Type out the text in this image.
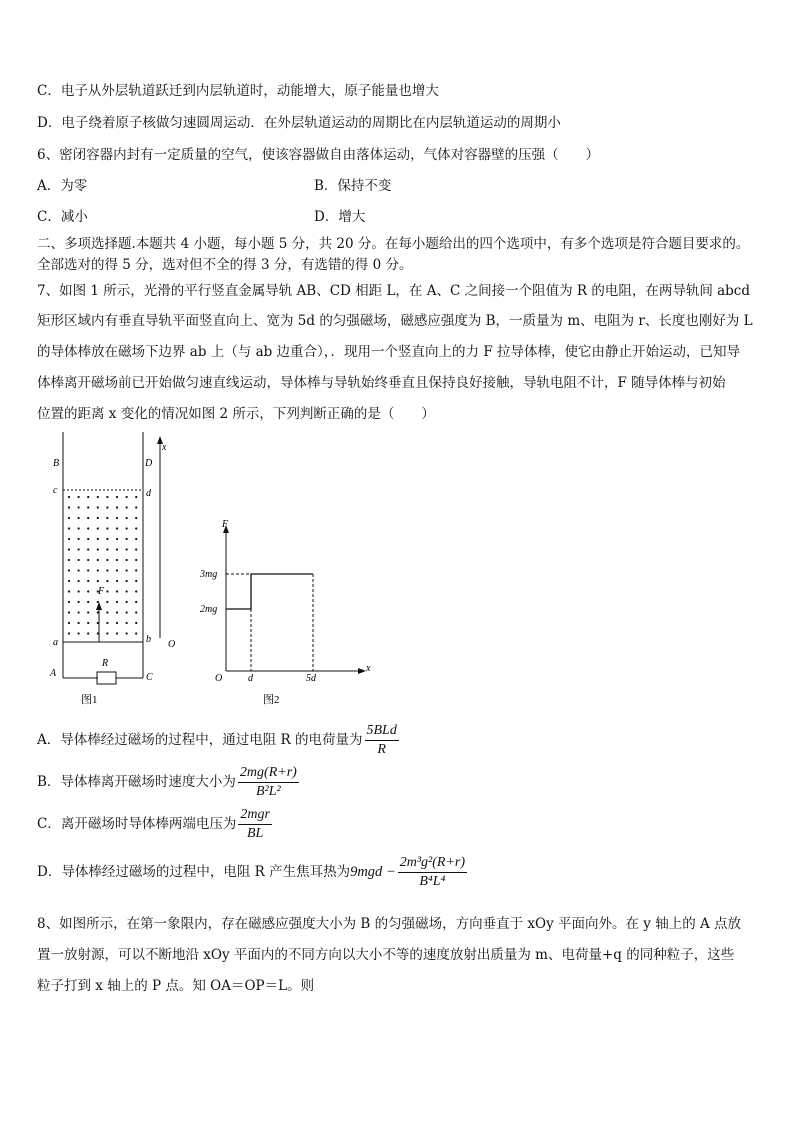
C．电子从外层轨道跃迁到内层轨道时，动能增大，原子能量也增大
D．电子绕着原子核做匀速圆周运动．在外层轨道运动的周期比在内层轨道运动的周期小
6、密闭容器内封有一定质量的空气，使该容器做自由落体运动，气体对容器壁的压强（　　）
A．为零	B．保持不变
C．减小	D．增大
二、多项选择题.本题共 4 小题，每小题 5 分，共 20 分。在每小题给出的四个选项中，有多个选项是符合题目要求的。
全部选对的得 5 分，选对但不全的得 3 分，有选错的得 0 分。
7、如图 1 所示，光滑的平行竖直金属导轨 AB、CD 相距 L，在 A、C 之间接一个阻值为 R 的电阻，在两导轨间 abcd
矩形区域内有垂直导轨平面竖直向上、宽为 5d 的匀强磁场，磁感应强度为 B，一质量为 m、电阻为 r、长度也刚好为 L
的导体棒放在磁场下边界 ab 上（与 ab 边重合），．现用一个竖直向上的力 F 拉导体棒，使它由静止开始运动，已知导
体棒离开磁场前已开始做匀速直线运动，导体棒与导轨始终垂直且保持良好接触，导轨电阻不计，F 随导体棒与初始
位置的距离 x 变化的情况如图 2 所示，下列判断正确的是（　　）
B	D
x
c	d
F
a	b O
A	C
R
图1
F
3mg
2mg
O	d	5d
x
图2
A．导体棒经过磁场的过程中，通过电阻 R 的电荷量为 $\frac{\text{5BLd}}{R}$
B．导体棒离开磁场时速度大小为 $\frac{2mg(R+r)}{\text{B²L²}}$
C．离开磁场时导体棒两端电压为 $\frac{\text{2mgr}}{BL}$
D．导体棒经过磁场的过程中，电阻 R 产生焦耳热为$9mgd - \frac{\text{2m³g²(R+r)}}{\text{B⁴L⁴}}$
8、如图所示，在第一象限内，存在磁感应强度大小为 B 的匀强磁场，方向垂直于 xOy 平面向外。在 y 轴上的 A 点放
置一放射源，可以不断地沿 xOy 平面内的不同方向以大小不等的速度放射出质量为 m、电荷量+q 的同种粒子，这些
粒子打到 x 轴上的 P 点。知 OA＝OP＝L。则
